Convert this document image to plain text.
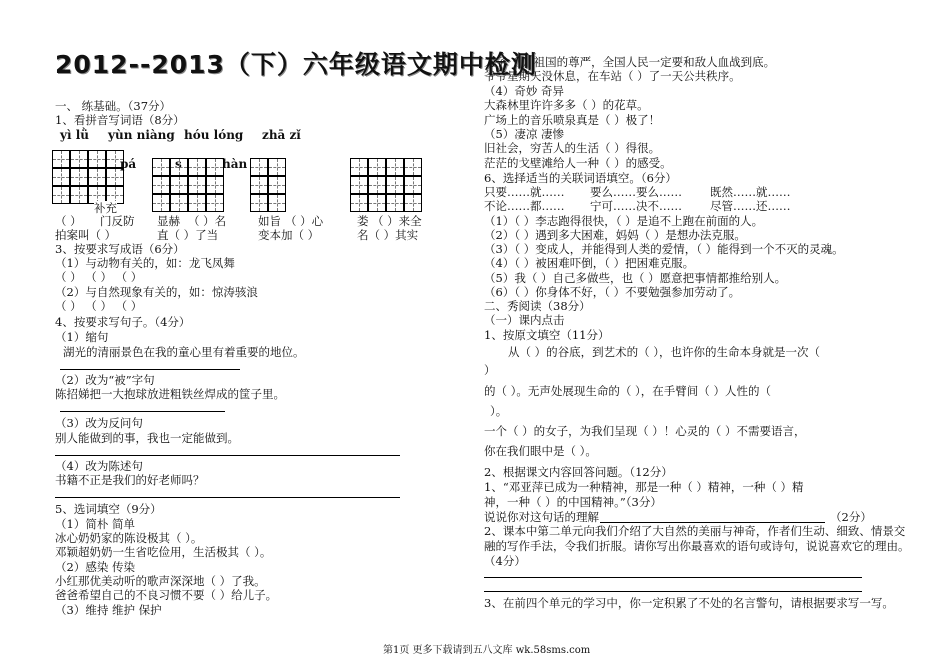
2012--2013（下）六年级语文期中检测
一、 练基础。（37分）
1、看拼音写词语（8分）
yì lǜ yùn niàng hóu lóng zhā zǐ
pá	s	hàn
补充
（ ） 门反防 显赫 （ ）名	如旨 （ ）心	娄 （ ）来全
拍案叫（ ）	直（ ）了当	变本加（ ）	名（ ）其实
3、按要求写成语（6分）
（1）与动物有关的，如：龙飞凤舞
（ ） （ ） （ ）
（2）与自然现象有关的，如：惊涛骇浪
（ ） （ ） （ ）
4、按要求写句子。（4分）
（1）缩句
湖光的清丽景色在我的童心里有着重要的地位。
（2）改为“被”字句
陈招娣把一大抱球放进粗铁丝焊成的筐子里。
（3）改为反问句
别人能做到的事，我也一定能做到。
（4）改为陈述句
书籍不正是我们的好老师吗？
5、选词填空（9分）
（1）简朴 简单
冰心奶奶家的陈设极其（ ）。
邓颖超奶奶一生省吃俭用，生活极其（ ）。
（2）感染 传染
小红那优美动听的歌声深深地（ ）了我。
爸爸希望自己的不良习惯不要（ ）给儿子。
（3）维持 维护 保护
为了（ ）祖国的尊严，全国人民一定要和敌人血战到底。
爷爷星期天没休息，在车站（ ）了一天公共秩序。
（4）奇妙 奇异
大森林里许许多多（ ）的花草。
广场上的音乐喷泉真是（ ）极了！
（5）凄凉 凄惨
旧社会，穷苦人的生活（ ）得很。
茫茫的戈壁滩给人一种（ ）的感受。
6、选择适当的关联词语填空。（6分）
只要……就…… 要么……要么…… 既然……就……
不论……都…… 宁可……决不…… 尽管……还……
（1）（ ）李志跑得很快，（ ）是追不上跑在前面的人。
（2）（ ）遇到多大困难，妈妈（ ）是想办法克服。
（3）（ ）变成人，并能得到人类的爱情，（ ）能得到一个不灭的灵魂。
（4）（ ）被困难吓倒，（ ）把困难克服。
（5）我（ ）自己多做些，也（ ）愿意把事情都推给别人。
（6）（ ）你身体不好，（ ）不要勉强参加劳动了。
二、秀阅读（38分）
（一）课内点击
1、按原文填空（11分）
从（ ）的谷底，到艺术的（ ），也许你的生命本身就是一次（
）
的（ ）。无声处展现生命的（ ），在手臂间（ ）人性的（
）。
一个（ ）的女子，为我们呈现（ ）！心灵的（ ）不需要语言，
你在我们眼中是（ ）。
2、根据课文内容回答问题。（12分）
1、“邓亚萍已成为一种精神，那是一种（ ）精神，一种（ ）精
神，一种（ ）的中国精神。”（3分）
说说你对这句话的理解	（2分）
2、课本中第二单元向我们介绍了大自然的美丽与神奇，作者们生动、细致、情景交
融的写作手法，令我们折服。请你写出你最喜欢的语句或诗句，说说喜欢它的理由。
（4分）
3、在前四个单元的学习中，你一定积累了不处的名言警句，请根据要求写一写。
第1页 更多下载请到五八文库 wk.58sms.com
